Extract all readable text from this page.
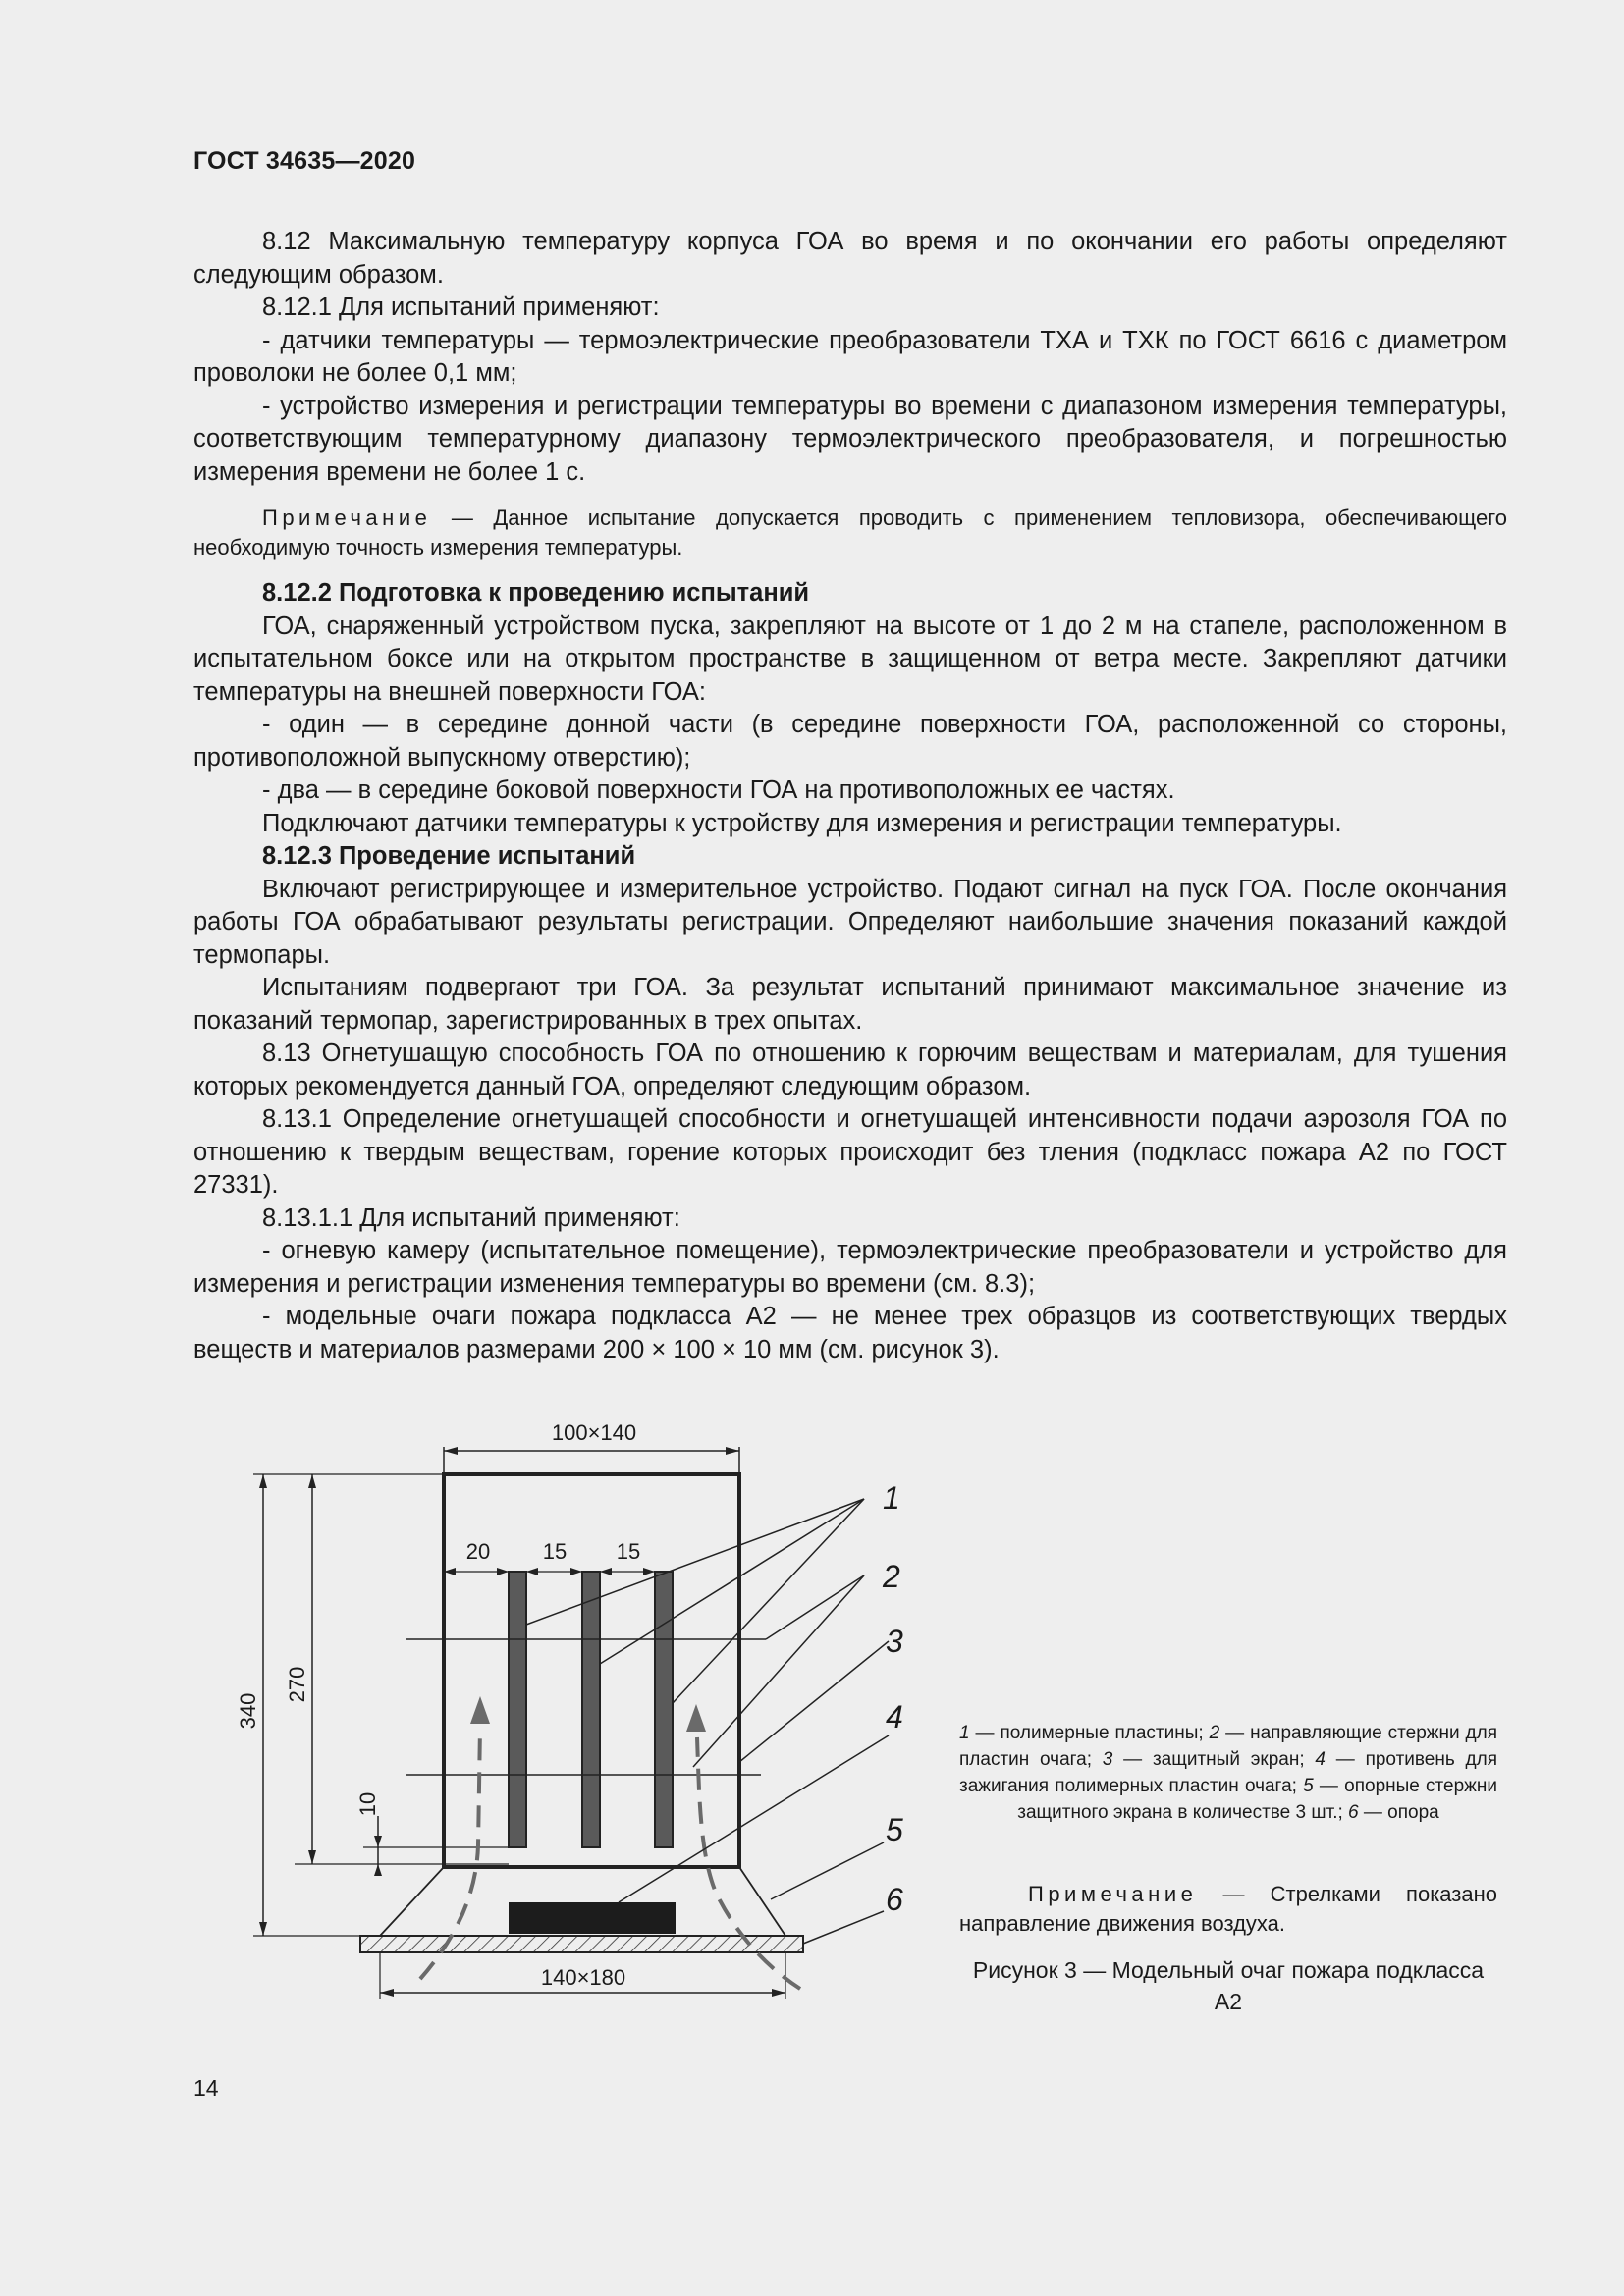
ГОСТ 34635—2020

8.12 Максимальную температуру корпуса ГОА во время и по окончании его работы определяют следующим образом.

8.12.1 Для испытаний применяют:

- датчики температуры — термоэлектрические преобразователи ТХА и ТХК по ГОСТ 6616 с диаметром проволоки не более 0,1 мм;

- устройство измерения и регистрации температуры во времени с диапазоном измерения температуры, соответствующим температурному диапазону термоэлектрического преобразователя, и погрешностью измерения времени не более 1 с.

Примечание — Данное испытание допускается проводить с применением тепловизора, обеспечивающего необходимую точность измерения температуры.

8.12.2 Подготовка к проведению испытаний

ГОА, снаряженный устройством пуска, закрепляют на высоте от 1 до 2 м на стапеле, расположенном в испытательном боксе или на открытом пространстве в защищенном от ветра месте. Закрепляют датчики температуры на внешней поверхности ГОА:

- один — в середине донной части (в середине поверхности ГОА, расположенной со стороны, противоположной выпускному отверстию);

- два — в середине боковой поверхности ГОА на противоположных ее частях.

Подключают датчики температуры к устройству для измерения и регистрации температуры.

8.12.3 Проведение испытаний

Включают регистрирующее и измерительное устройство. Подают сигнал на пуск ГОА. После окончания работы ГОА обрабатывают результаты регистрации. Определяют наибольшие значения показаний каждой термопары.

Испытаниям подвергают три ГОА. За результат испытаний принимают максимальное значение из показаний термопар, зарегистрированных в трех опытах.

8.13 Огнетушащую способность ГОА по отношению к горючим веществам и материалам, для тушения которых рекомендуется данный ГОА, определяют следующим образом.

8.13.1 Определение огнетушащей способности и огнетушащей интенсивности подачи аэрозоля ГОА по отношению к твердым веществам, горение которых происходит без тления (подкласс пожара А2 по ГОСТ 27331).

8.13.1.1 Для испытаний применяют:

- огневую камеру (испытательное помещение), термоэлектрические преобразователи и устройство для измерения и регистрации изменения температуры во времени (см. 8.3);

- модельные очаги пожара подкласса А2 — не менее трех образцов из соответствующих твердых веществ и материалов размерами 200 × 100 × 10 мм (см. рисунок 3).

100×140
20 15 15
340
270
10
140×180
1
2
3
4
5
6
1 — полимерные пластины; 2 — направляющие стержни для пластин очага; 3 — защитный экран; 4 — противень для зажигания полимерных пластин очага; 5 — опорные стержни защитного экрана в количестве 3 шт.; 6 — опора
Примечание — Стрелками показано направление движения воздуха.
Рисунок 3 — Модельный очаг пожара подкласса А2
14
